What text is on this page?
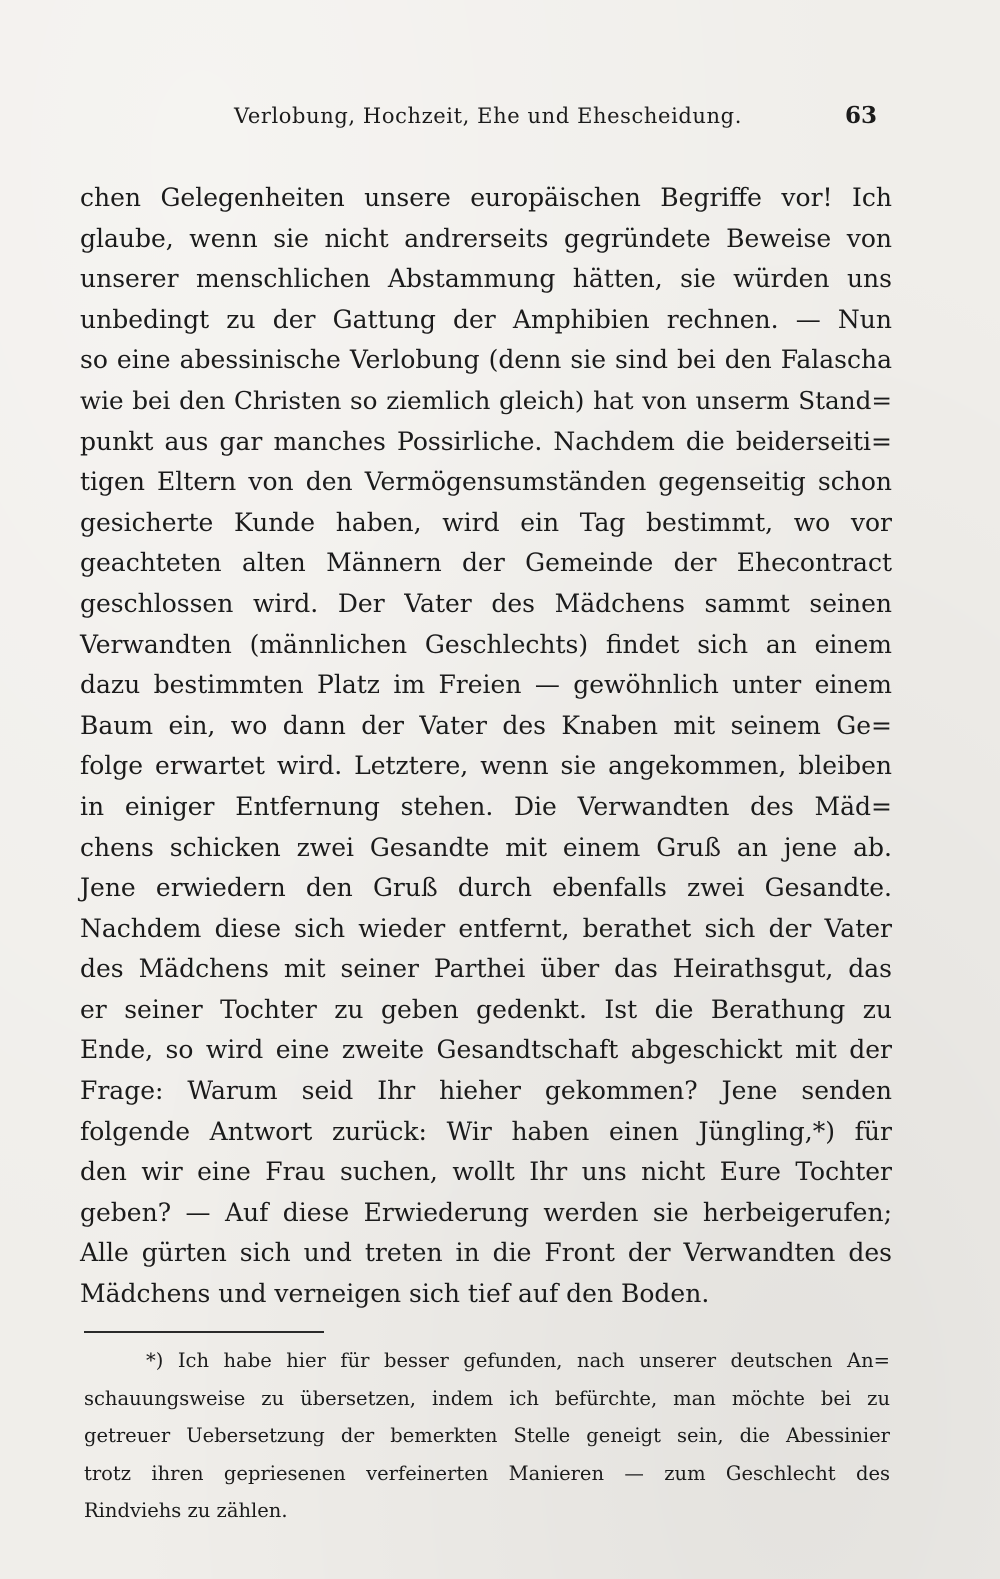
Verlobung, Hochzeit, Ehe und Ehescheidung.	63
chen Gelegenheiten unsere europäischen Begriffe vor! Ich
glaube, wenn sie nicht andrerseits gegründete Beweise von
unserer menschlichen Abstammung hätten, sie würden uns
unbedingt zu der Gattung der Amphibien rechnen. — Nun
so eine abessinische Verlobung (denn sie sind bei den Falascha
wie bei den Christen so ziemlich gleich) hat von unserm Stand=
punkt aus gar manches Possirliche. Nachdem die beiderseiti=
tigen Eltern von den Vermögensumständen gegenseitig schon
gesicherte Kunde haben, wird ein Tag bestimmt, wo vor
geachteten alten Männern der Gemeinde der Ehecontract
geschlossen wird. Der Vater des Mädchens sammt seinen
Verwandten (männlichen Geschlechts) findet sich an einem
dazu bestimmten Platz im Freien — gewöhnlich unter einem
Baum ein, wo dann der Vater des Knaben mit seinem Ge=
folge erwartet wird. Letztere, wenn sie angekommen, bleiben
in einiger Entfernung stehen. Die Verwandten des Mäd=
chens schicken zwei Gesandte mit einem Gruß an jene ab.
Jene erwiedern den Gruß durch ebenfalls zwei Gesandte.
Nachdem diese sich wieder entfernt, berathet sich der Vater
des Mädchens mit seiner Parthei über das Heirathsgut, das
er seiner Tochter zu geben gedenkt. Ist die Berathung zu
Ende, so wird eine zweite Gesandtschaft abgeschickt mit der
Frage: Warum seid Ihr hieher gekommen? Jene senden
folgende Antwort zurück: Wir haben einen Jüngling,*) für
den wir eine Frau suchen, wollt Ihr uns nicht Eure Tochter
geben? — Auf diese Erwiederung werden sie herbeigerufen;
Alle gürten sich und treten in die Front der Verwandten des
Mädchens und verneigen sich tief auf den Boden.
*) Ich habe hier für besser gefunden, nach unserer deutschen An=
schauungsweise zu übersetzen, indem ich befürchte, man möchte bei zu
getreuer Uebersetzung der bemerkten Stelle geneigt sein, die Abessinier
trotz ihren gepriesenen verfeinerten Manieren — zum Geschlecht des
Rindviehs zu zählen.
